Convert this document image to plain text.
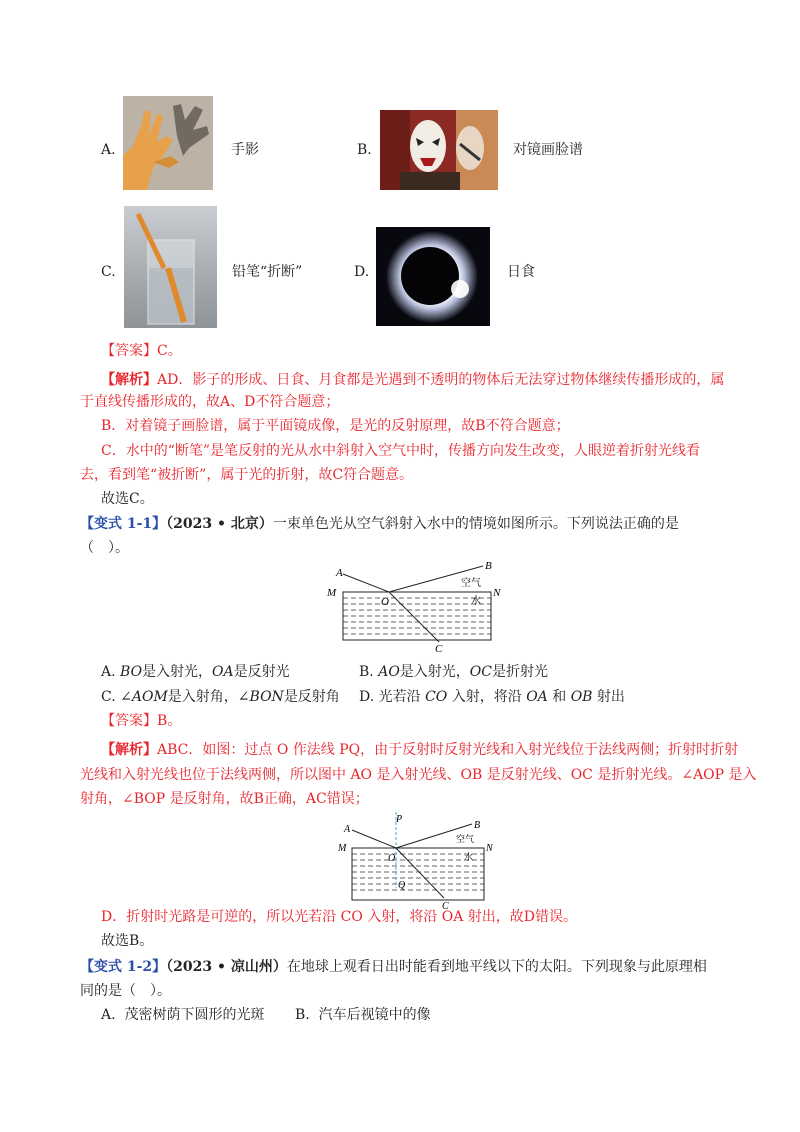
A.	手影	B.	对镜画脸谱
C.	铅笔“折断”	D.	日食
【答案】C。
【解析】AD．影子的形成、日食、月食都是光遇到不透明的物体后无法穿过物体继续传播形成的，属
于直线传播形成的，故A、D不符合题意；
B．对着镜子画脸谱，属于平面镜成像，是光的反射原理，故B不符合题意；
C．水中的“断笔”是笔反射的光从水中斜射入空气中时，传播方向发生改变，人眼逆着折射光线看
去，看到笔“被折断”，属于光的折射，故C符合题意。
故选C。
【变式 1-1】（2023 • 北京）一束单色光从空气斜射入水中的情境如图所示。下列说法正确的是
（　）。
A
B
M	N
O
C
空气
水
A. BO是入射光，OA是反射光	B. AO是入射光，OC是折射光
C. ∠AOM是入射角，∠BON是反射角 D. 光若沿 CO 入射，将沿 OA 和 OB 射出
【答案】B。
【解析】ABC．如图：过点 O 作法线 PQ，由于反射时反射光线和入射光线位于法线两侧；折射时折射
光线和入射光线也位于法线两侧，所以图中 AO 是入射光线、OB 是反射光线、OC 是折射光线。∠AOP 是入
射角，∠BOP 是反射角，故B正确，AC错误；
P
Q
A	B
M	N
O
C
空气
水
D．折射时光路是可逆的，所以光若沿 CO 入射，将沿 OA 射出，故D错误。
故选B。
【变式 1-2】（2023 • 凉山州）在地球上观看日出时能看到地平线以下的太阳。下列现象与此原理相
同的是（　）。
A. 茂密树荫下圆形的光斑 B. 汽车后视镜中的像
